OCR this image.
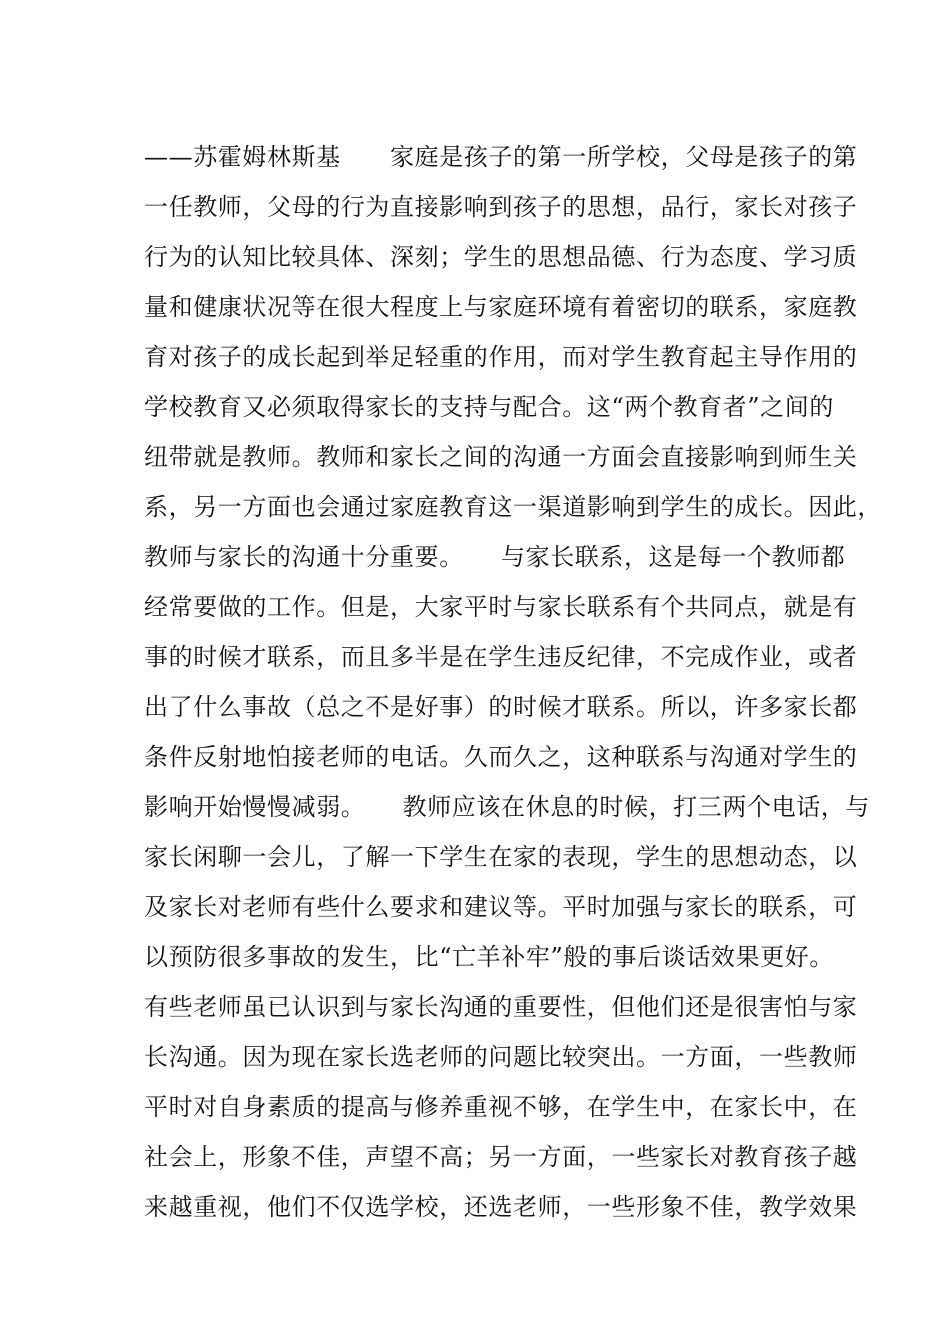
——苏霍姆林斯基　　家庭是孩子的第一所学校，父母是孩子的第
一任教师，父母的行为直接影响到孩子的思想，品行，家长对孩子
行为的认知比较具体、深刻；学生的思想品德、行为态度、学习质
量和健康状况等在很大程度上与家庭环境有着密切的联系，家庭教
育对孩子的成长起到举足轻重的作用，而对学生教育起主导作用的
学校教育又必须取得家长的支持与配合。这“两个教育者”之间的
纽带就是教师。教师和家长之间的沟通一方面会直接影响到师生关
系，另一方面也会通过家庭教育这一渠道影响到学生的成长。因此，
教师与家长的沟通十分重要。　　与家长联系，这是每一个教师都
经常要做的工作。但是，大家平时与家长联系有个共同点，就是有
事的时候才联系，而且多半是在学生违反纪律，不完成作业，或者
出了什么事故（总之不是好事）的时候才联系。所以，许多家长都
条件反射地怕接老师的电话。久而久之，这种联系与沟通对学生的
影响开始慢慢减弱。　　教师应该在休息的时候，打三两个电话，与
家长闲聊一会儿，了解一下学生在家的表现，学生的思想动态，以
及家长对老师有些什么要求和建议等。平时加强与家长的联系，可
以预防很多事故的发生，比“亡羊补牢”般的事后谈话效果更好。
有些老师虽已认识到与家长沟通的重要性，但他们还是很害怕与家
长沟通。因为现在家长选老师的问题比较突出。一方面，一些教师
平时对自身素质的提高与修养重视不够，在学生中，在家长中，在
社会上，形象不佳，声望不高；另一方面，一些家长对教育孩子越
来越重视，他们不仅选学校，还选老师，一些形象不佳，教学效果
